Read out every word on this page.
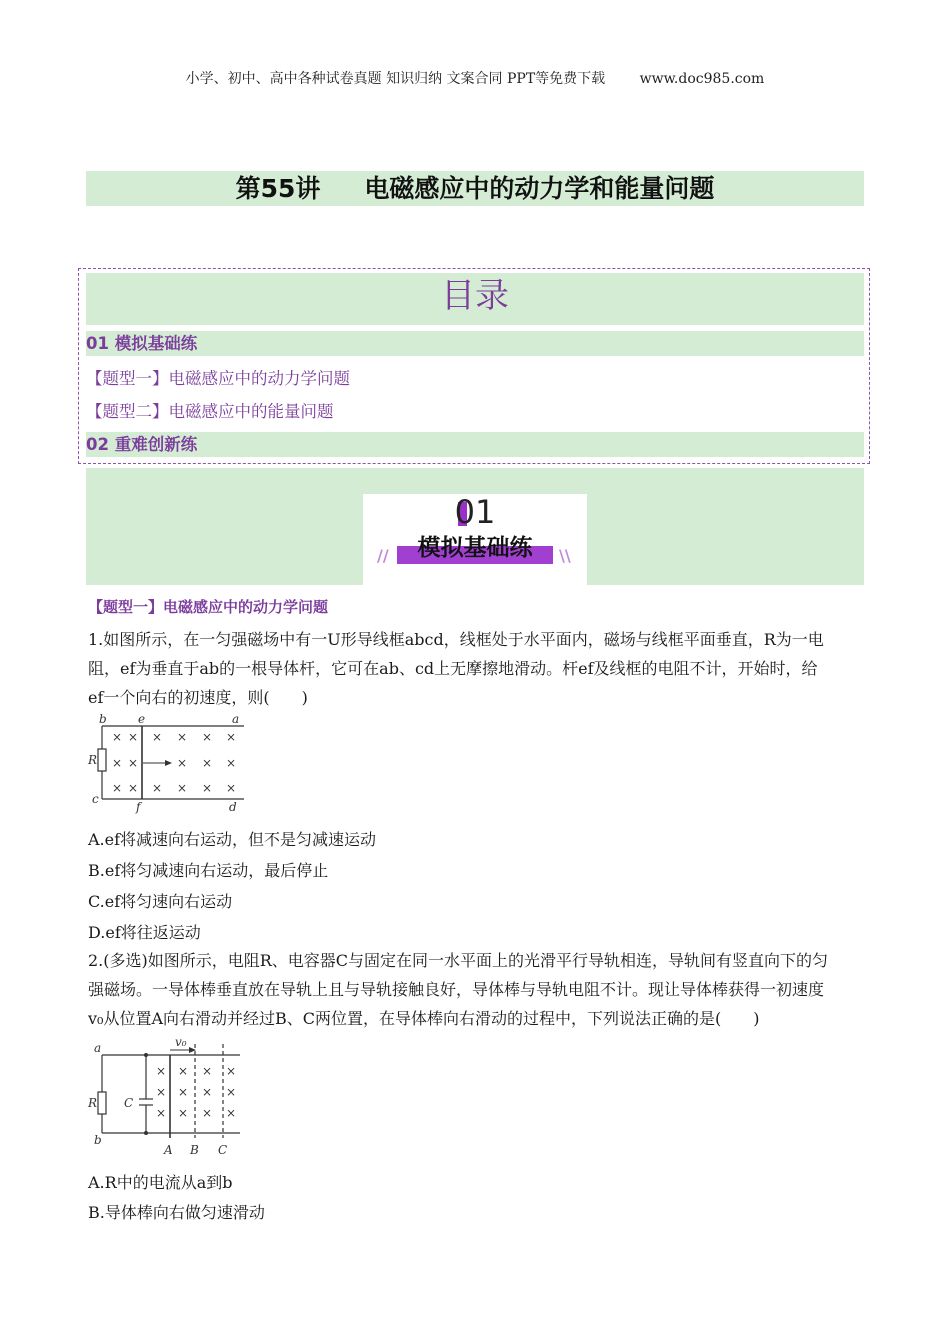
小学、初中、高中各种试卷真题 知识归纳 文案合同 PPT等免费下载 www.doc985.com
第55讲 电磁感应中的动力学和能量问题
目录
01 模拟基础练
【题型一】电磁感应中的动力学问题
【题型二】电磁感应中的能量问题
02 重难创新练
01
//	模拟基础练	\\
【题型一】电磁感应中的动力学问题
1.如图所示，在一匀强磁场中有一U形导线框abcd，线框处于水平面内，磁场与线框平面垂直，R为一电
阻，ef为垂直于ab的一根导体杆，它可在ab、cd上无摩擦地滑动。杆ef及线框的电阻不计，开始时，给
ef一个向右的初速度，则(　　)
× × × × × ×
× ×	× ×
×
× × × × × ×
b	e	a
R
c
f	d
A.ef将减速向右运动，但不是匀减速运动
B.ef将匀减速向右运动，最后停止
C.ef将匀速向右运动
D.ef将往返运动
2.(多选)如图所示，电阻R、电容器C与固定在同一水平面上的光滑平行导轨相连，导轨间有竖直向下的匀
强磁场。一导体棒垂直放在导轨上且与导轨接触良好，导体棒与导轨电阻不计。现让导体棒获得一初速度
v₀从位置A向右滑动并经过B、C两位置，在导体棒向右滑动的过程中，下列说法正确的是(　　)
× × × ×
× × × ×
× × × ×
v₀
a
R C
b
A B C
A.R中的电流从a到b
B.导体棒向右做匀速滑动
